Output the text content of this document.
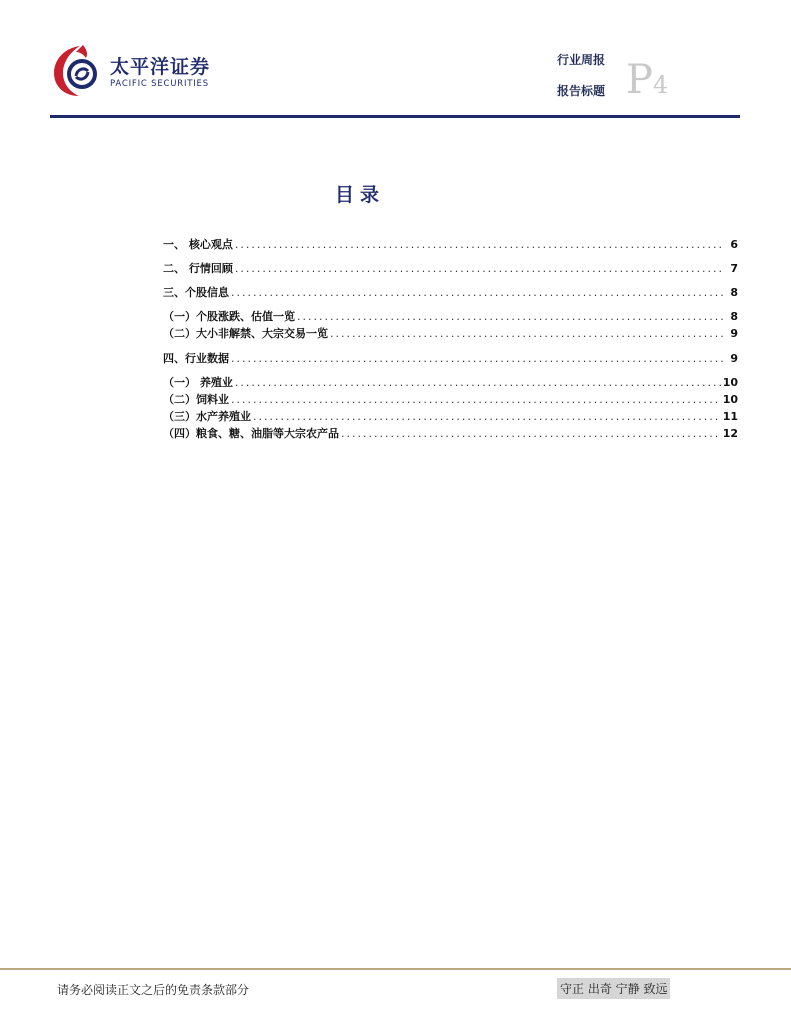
太平洋证券
PACIFIC SECURITIES
行业周报
报告标题 P4
目录
一、 核心观点 .....	6
二、 行情回顾 .....	7
三、个股信息 .....	8
（一）个股涨跌、估值一览 .....	8
（二）大小非解禁、大宗交易一览 .....	9
四、行业数据 .....	9
（一） 养殖业 .....	10
（二）饲料业 .....	10
（三）水产养殖业 .....	11
（四）粮食、糖、油脂等大宗农产品 .....	12
请务必阅读正文之后的免责条款部分	守正 出奇 宁静 致远
